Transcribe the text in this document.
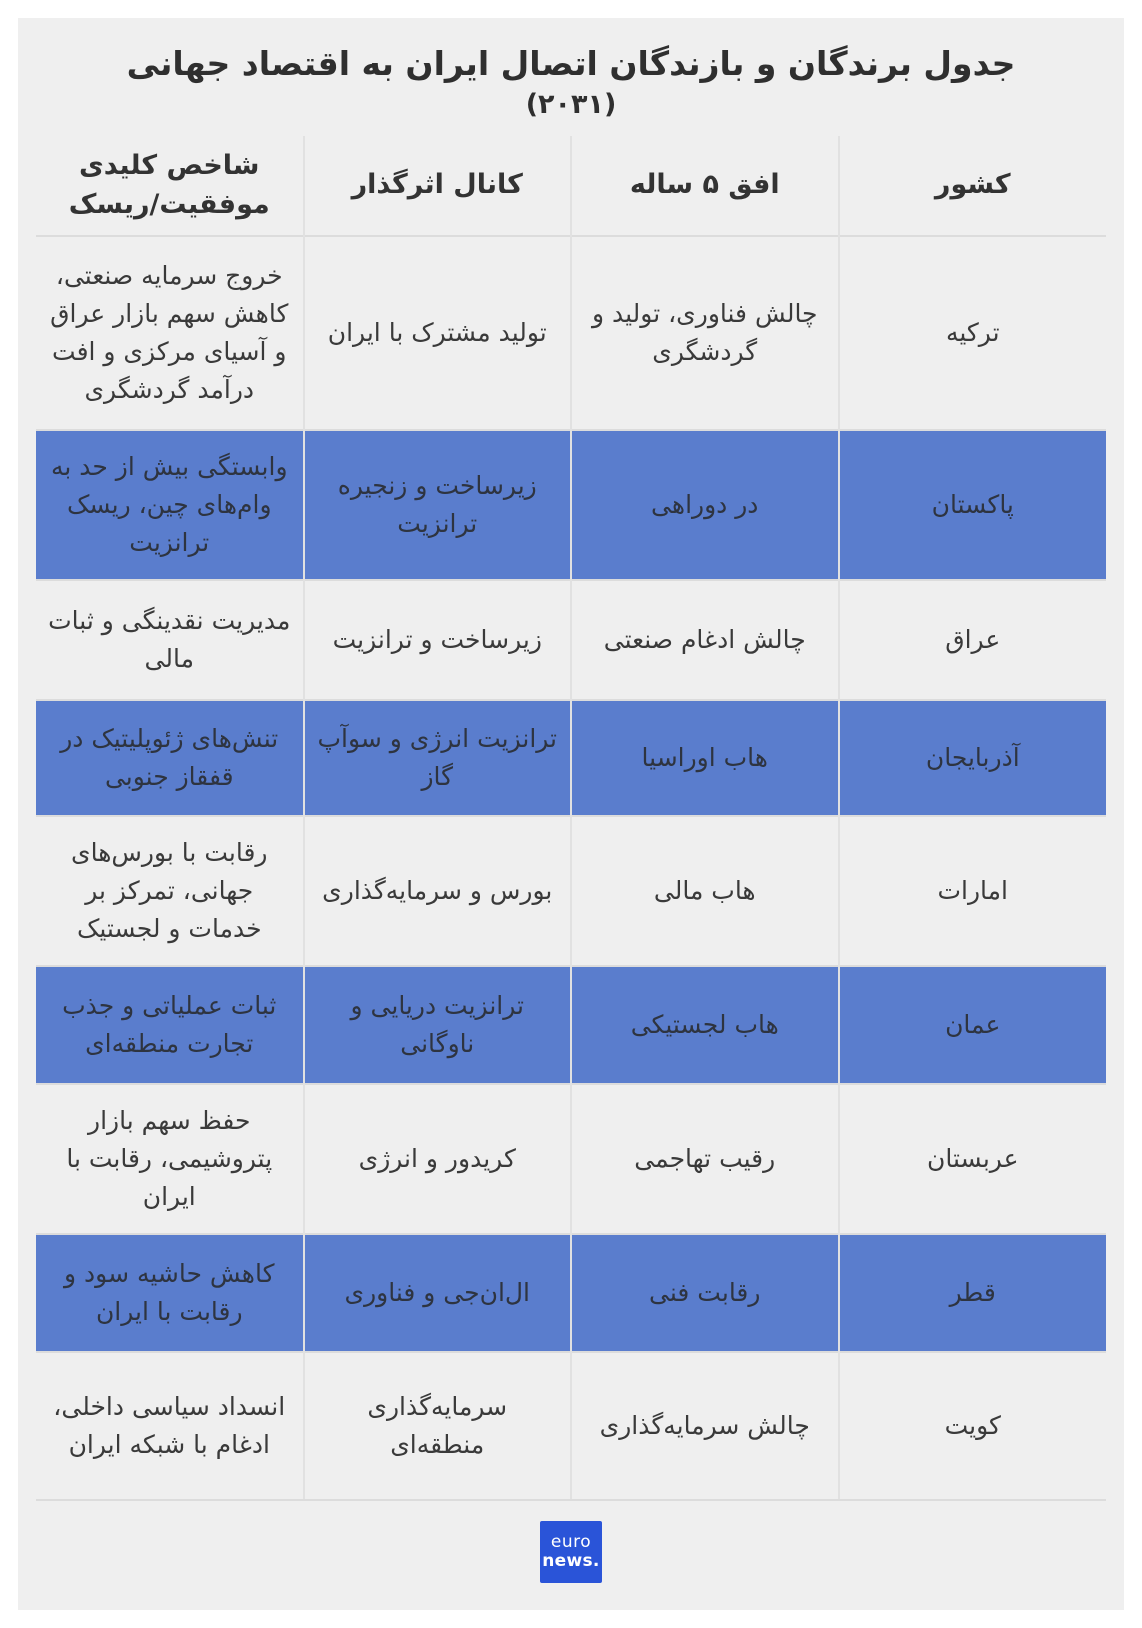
جدول برندگان و بازندگان اتصال ایران به اقتصاد جهانی
(۲۰۳۱)
کشور	افق ۵ ساله	کانال اثرگذار	شاخص کلیدی موفقیت/ریسک
ترکیه	چالش فناوری، تولید و گردشگری	تولید مشترک با ایران	خروج سرمایه صنعتی، کاهش سهم بازار عراق و آسیای مرکزی و افت درآمد گردشگری
پاکستان	در دوراهی	زیرساخت و زنجیره ترانزیت	وابستگی بیش از حد به وام‌های چین، ریسک ترانزیت
عراق	چالش ادغام صنعتی	زیرساخت و ترانزیت	مدیریت نقدینگی و ثبات مالی
آذربایجان	هاب اوراسیا	ترانزیت انرژی و سوآپ گاز	تنش‌های ژئوپلیتیک در قفقاز جنوبی
امارات	هاب مالی	بورس و سرمایه‌گذاری	رقابت با بورس‌های جهانی، تمرکز بر خدمات و لجستیک
عمان	هاب لجستیکی	ترانزیت دریایی و ناوگانی	ثبات عملیاتی و جذب تجارت منطقه‌ای
عربستان	رقیب تهاجمی	کریدور و انرژی	حفظ سهم بازار پتروشیمی، رقابت با ایران
قطر	رقابت فنی	ال‌ان‌جی و فناوری	کاهش حاشیه سود و رقابت با ایران
کویت	چالش سرمایه‌گذاری	سرمایه‌گذاری منطقه‌ای	انسداد سیاسی داخلی، ادغام با شبکه ایران
euro
news.
